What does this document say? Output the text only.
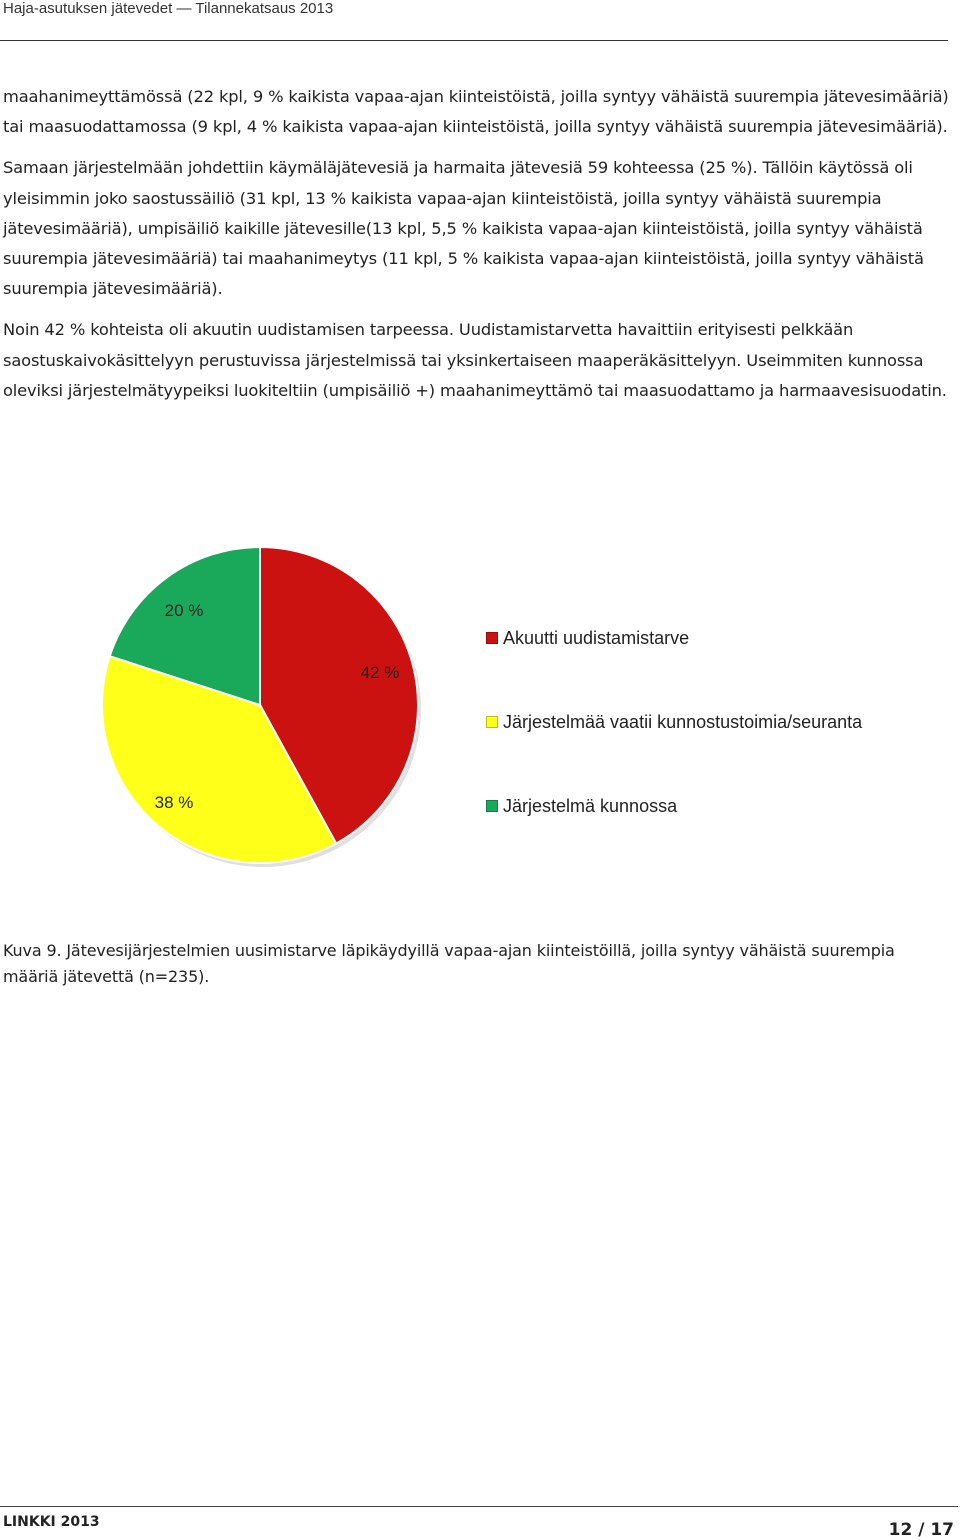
Haja-asutuksen jätevedet — Tilannekatsaus 2013

maahanimeyttämössä (22 kpl, 9 % kaikista vapaa-ajan kiinteistöistä, joilla syntyy vähäistä suurempia jätevesimääriä) tai maasuodattamossa (9 kpl, 4 % kaikista vapaa-ajan kiinteistöistä, joilla syntyy vähäistä suurempia jätevesimääriä).

Samaan järjestelmään johdettiin käymäläjätevesiä ja harmaita jätevesiä 59 kohteessa (25 %). Tällöin käytössä oli yleisimmin joko saostussäiliö (31 kpl, 13 % kaikista vapaa-ajan kiinteistöistä, joilla syntyy vähäistä suurempia jätevesimääriä), umpisäiliö kaikille jätevesille(13 kpl, 5,5 % kaikista vapaa-ajan kiinteistöistä, joilla syntyy vähäistä suurempia jätevesimääriä) tai maahanimeytys (11 kpl, 5 % kaikista vapaa-ajan kiinteistöistä, joilla syntyy vähäistä suurempia jätevesimääriä).

Noin 42 % kohteista oli akuutin uudistamisen tarpeessa. Uudistamistarvetta havaittiin erityisesti pelkkään saostuskaivokäsittelyyn perustuvissa järjestelmissä tai yksinkertaiseen maaperäkäsittelyyn. Useimmiten kunnossa oleviksi järjestelmätyypeiksi luokiteltiin (umpisäiliö +) maahanimeyttämö tai maasuodattamo ja harmaavesisuodatin.

42 %
38 %
20 %
Akuutti uudistamistarve
Järjestelmää vaatii kunnostustoimia/seuranta
Järjestelmä kunnossa
Kuva 9. Jätevesijärjestelmien uusimistarve läpikäydyillä vapaa-ajan kiinteistöillä, joilla syntyy vähäistä suurempia määriä jätevettä (n=235).
LINKKI 2013	12 / 17
